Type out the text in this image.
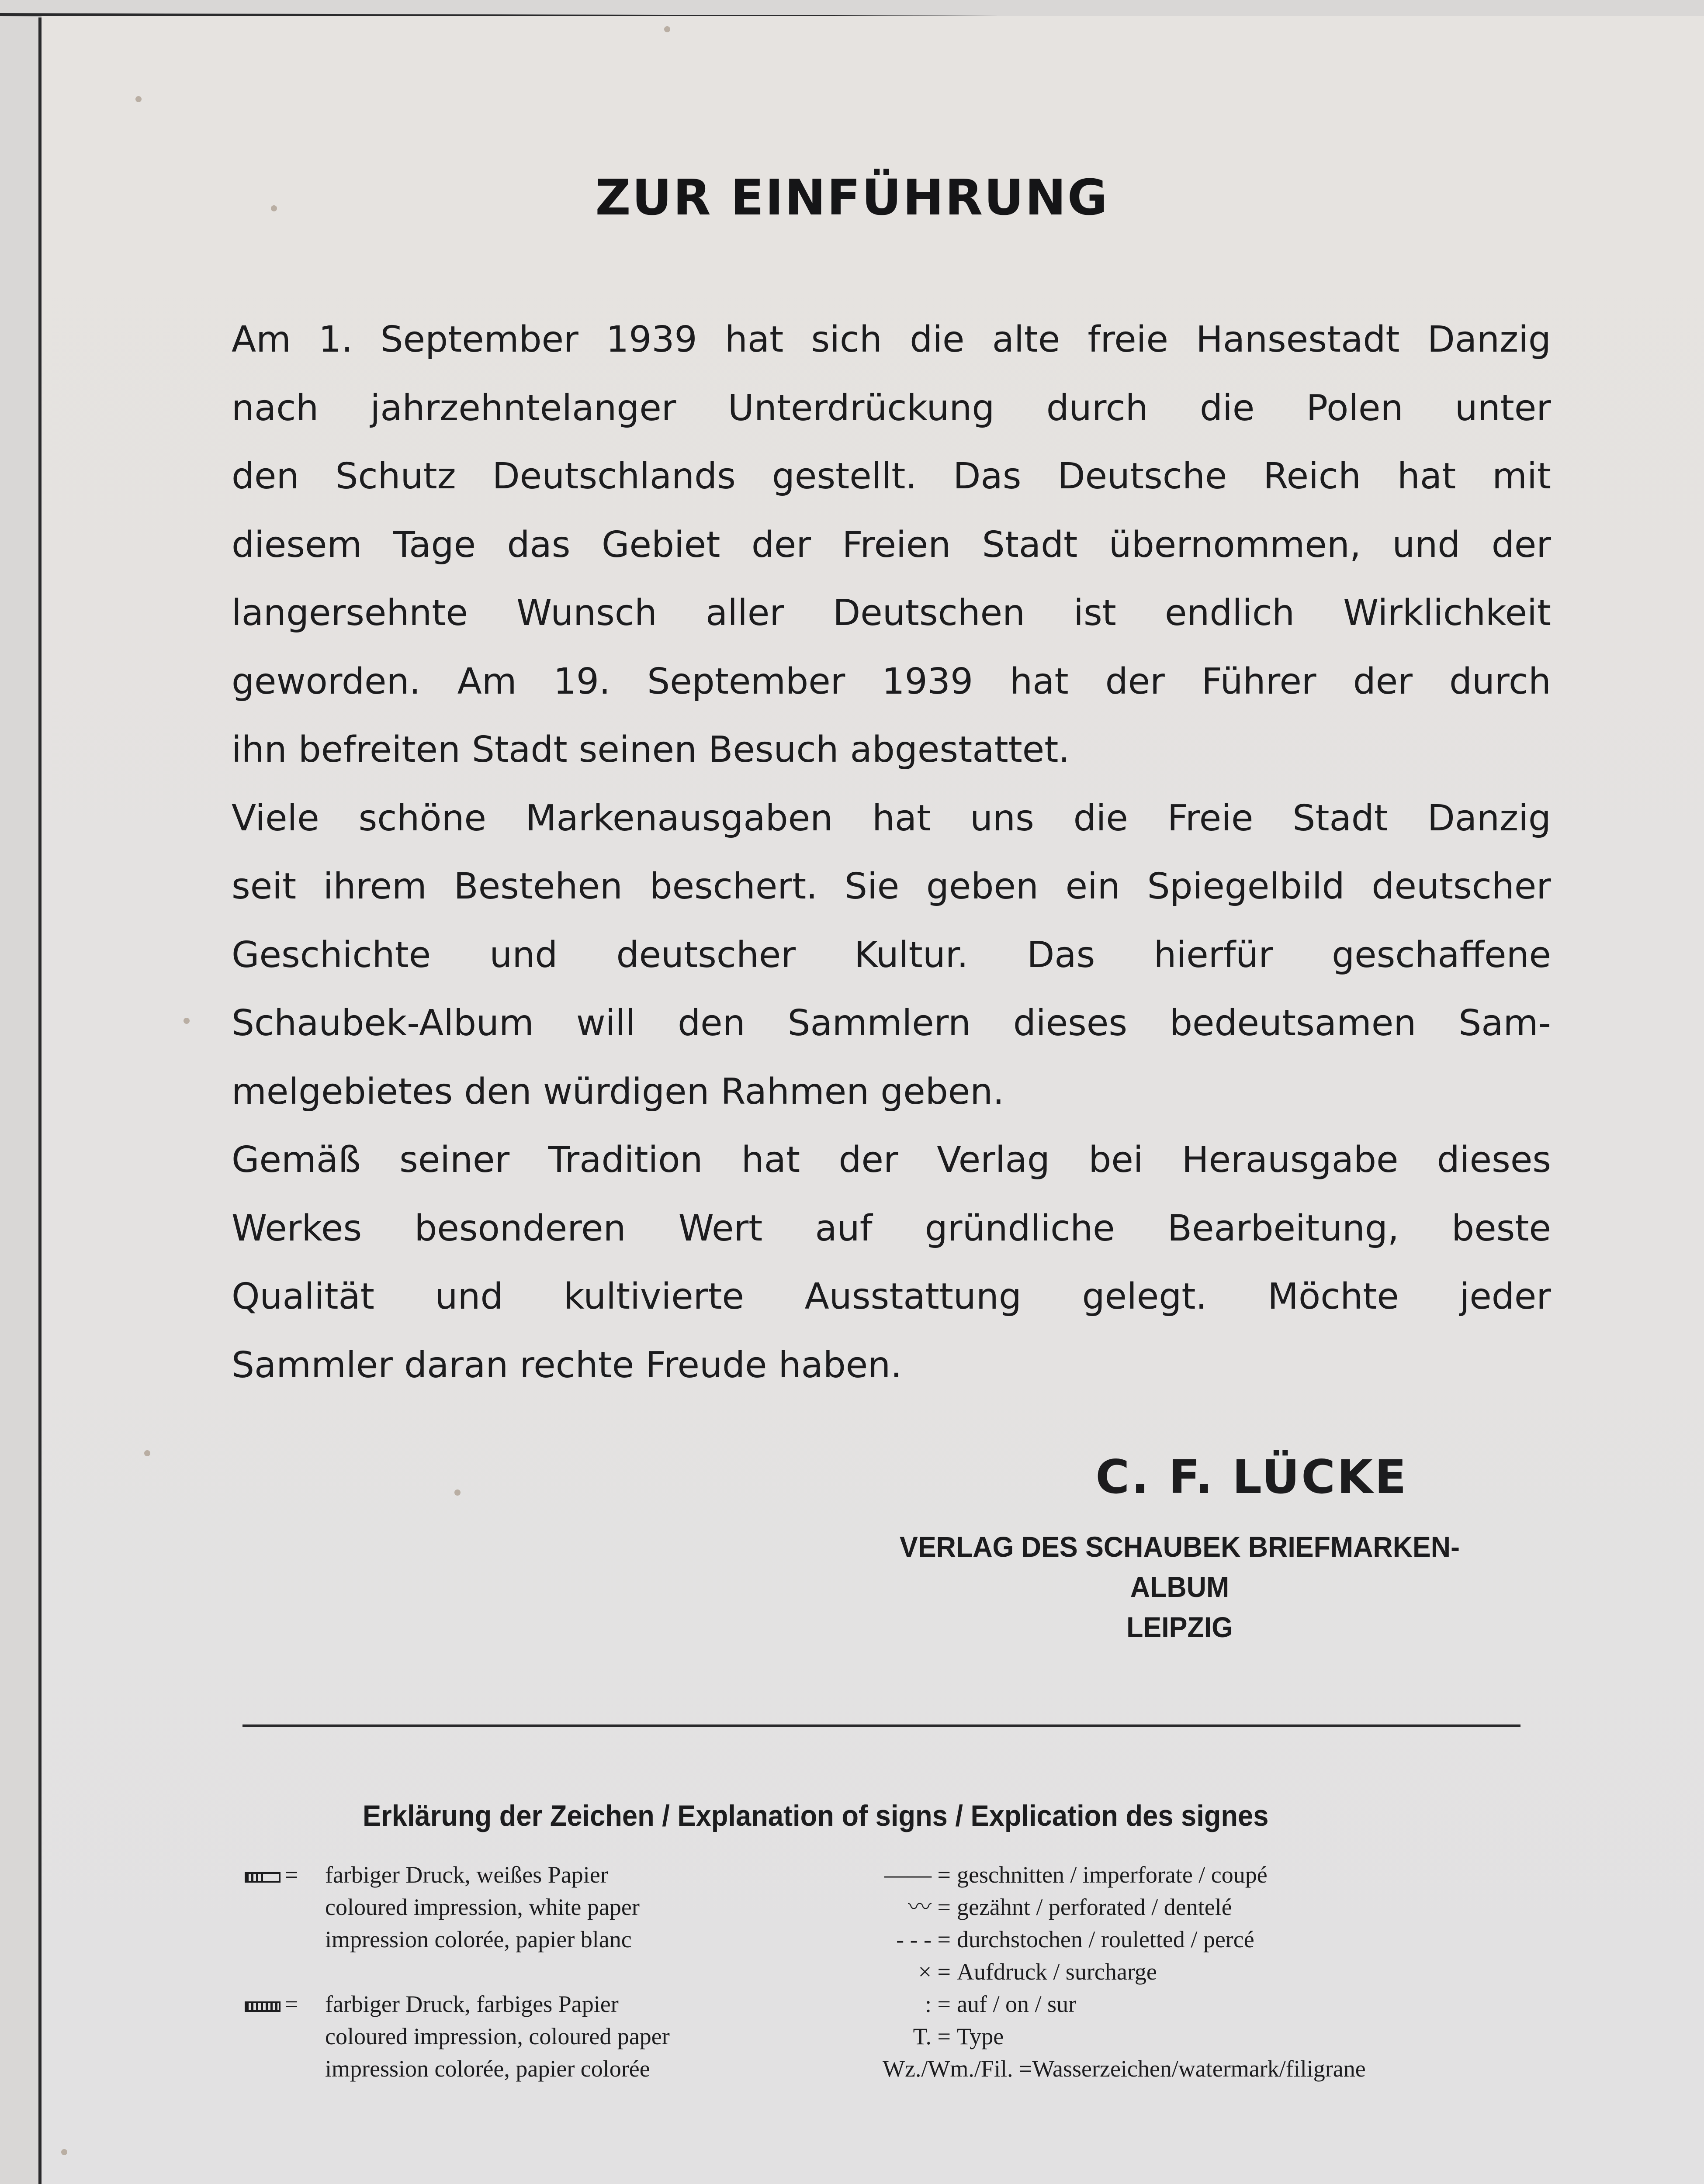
ZUR EINFÜHRUNG
Am 1. September 1939 hat sich die alte freie Hansestadt Danzig
nach jahrzehntelanger Unterdrückung durch die Polen unter
den Schutz Deutschlands gestellt. Das Deutsche Reich hat mit
diesem Tage das Gebiet der Freien Stadt übernommen, und der
langersehnte Wunsch aller Deutschen ist endlich Wirklichkeit
geworden. Am 19. September 1939 hat der Führer der durch
ihn befreiten Stadt seinen Besuch abgestattet.
Viele schöne Markenausgaben hat uns die Freie Stadt Danzig
seit ihrem Bestehen beschert. Sie geben ein Spiegelbild deutscher
Geschichte und deutscher Kultur. Das hierfür geschaffene
Schaubek-Album will den Sammlern dieses bedeutsamen Sam-
melgebietes den würdigen Rahmen geben.
Gemäß seiner Tradition hat der Verlag bei Herausgabe dieses
Werkes besonderen Wert auf gründliche Bearbeitung, beste
Qualität und kultivierte Ausstattung gelegt. Möchte jeder
Sammler daran rechte Freude haben.
C. F. LÜCKE
VERLAG DES SCHAUBEK BRIEFMARKEN-ALBUM
LEIPZIG
Erklärung der Zeichen / Explanation of signs / Explication des signes
=	farbiger Druck, weißes Papier
coloured impression, white paper
impression colorée, papier blanc
=	farbiger Druck, farbiges Papier
coloured impression, coloured paper
impression colorée, papier colorée
—— = geschnitten / imperforate / coupé
〰 = gezähnt / perforated / dentelé
- - - = durchstochen / rouletted / percé
× = Aufdruck / surcharge
: = auf / on / sur
T. = Type
Wz./Wm./Fil. = Wasserzeichen/watermark/filigrane
